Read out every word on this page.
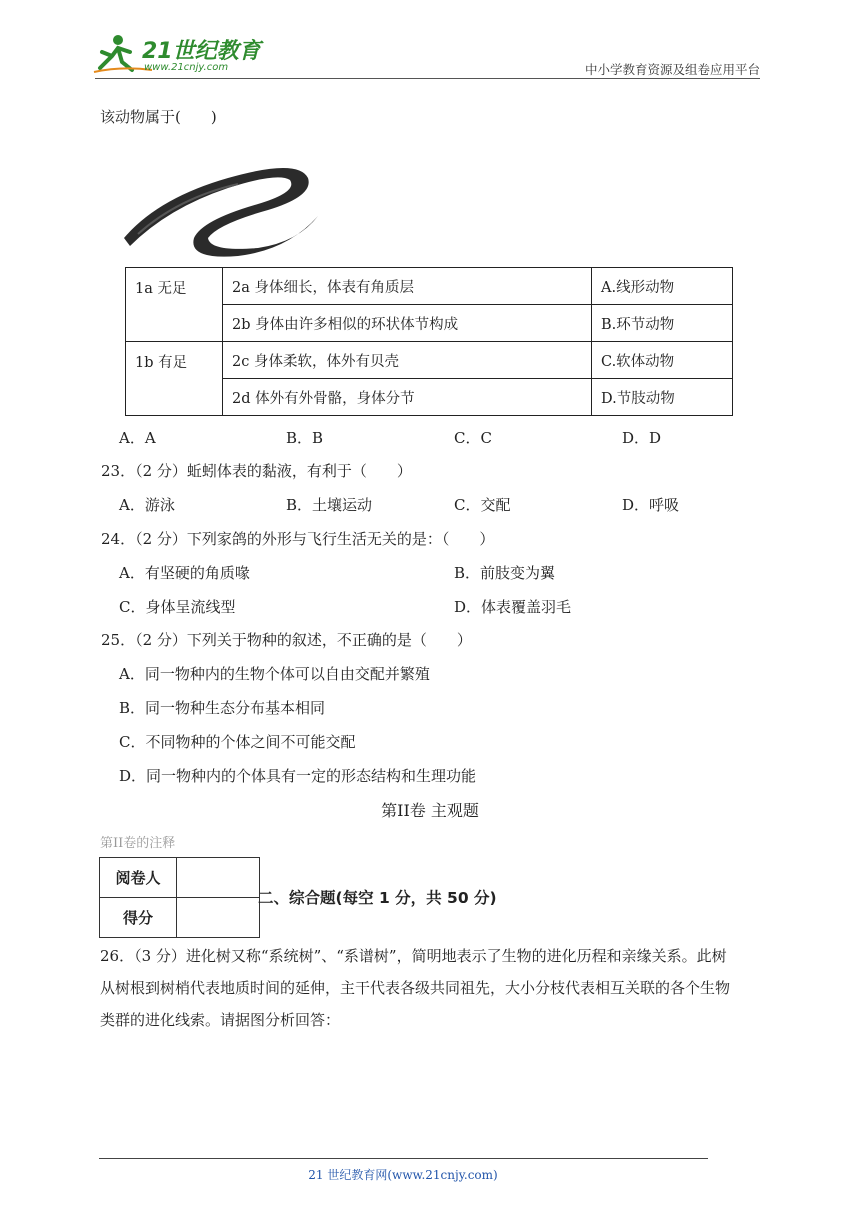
21世纪教育
www.21cnjy.com	中小学教育资源及组卷应用平台
该动物属于(　　)
1a 无足	2a 身体细长，体表有角质层	A.线形动物
	2b 身体由许多相似的环状体节构成	B.环节动物
1b 有足	2c 身体柔软，体外有贝壳	C.软体动物
	2d 体外有外骨骼，身体分节	D.节肢动物
A．A	B．B	C．C	D．D
23．（2 分）蚯蚓体表的黏液，有利于（　　）
A．游泳	B．土壤运动	C．交配	D．呼吸
24．（2 分）下列家鸽的外形与飞行生活无关的是：（　　）
A．有坚硬的角质喙	B．前肢变为翼
C．身体呈流线型	D．体表覆盖羽毛
25．（2 分）下列关于物种的叙述，不正确的是（　　）
A．同一物种内的生物个体可以自由交配并繁殖
B．同一物种生态分布基本相同
C．不同物种的个体之间不可能交配
D．同一物种内的个体具有一定的形态结构和生理功能
第II卷 主观题
第II卷的注释
阅卷人	
得分	
二、综合题(每空 1 分，共 50 分)
26．（3 分）进化树又称“系统树”、“系谱树”，简明地表示了生物的进化历程和亲缘关系。此树
从树根到树梢代表地质时间的延伸，主干代表各级共同祖先，大小分枝代表相互关联的各个生物
类群的进化线索。请据图分析回答：
21 世纪教育网(www.21cnjy.com)
